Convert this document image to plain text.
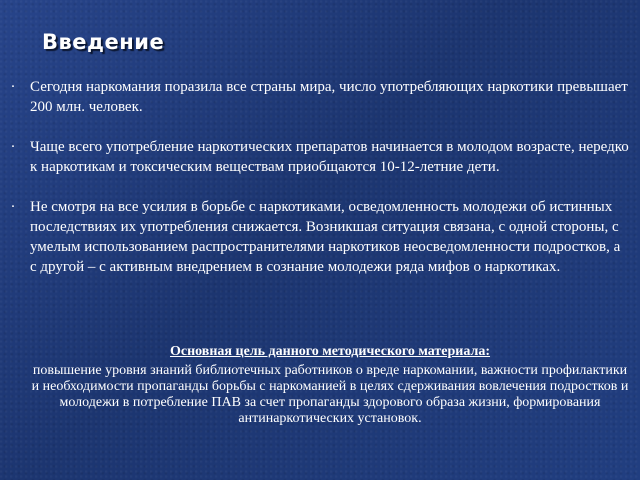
Введение
· Сегодня наркомания поразила все страны мира, число употребляющих наркотики превышает 200 млн. человек.
· Чаще всего употребление наркотических препаратов начинается в молодом возрасте, нередко к наркотикам и токсическим веществам приобщаются 10-12-летние дети.
· Не смотря на все усилия в борьбе с наркотиками, осведомленность молодежи об истинных последствиях их употребления снижается. Возникшая ситуация связана, с одной стороны, с умелым использованием распространителями наркотиков неосведомленности подростков, а с другой – с активным внедрением в сознание молодежи ряда мифов о наркотиках.
Основная цель данного методического материала:
повышение уровня знаний библиотечных работников о вреде наркомании, важности профилактики и необходимости пропаганды борьбы с наркоманией в целях сдерживания вовлечения подростков и молодежи в потребление ПАВ за счет пропаганды здорового образа жизни, формирования антинаркотических установок.
